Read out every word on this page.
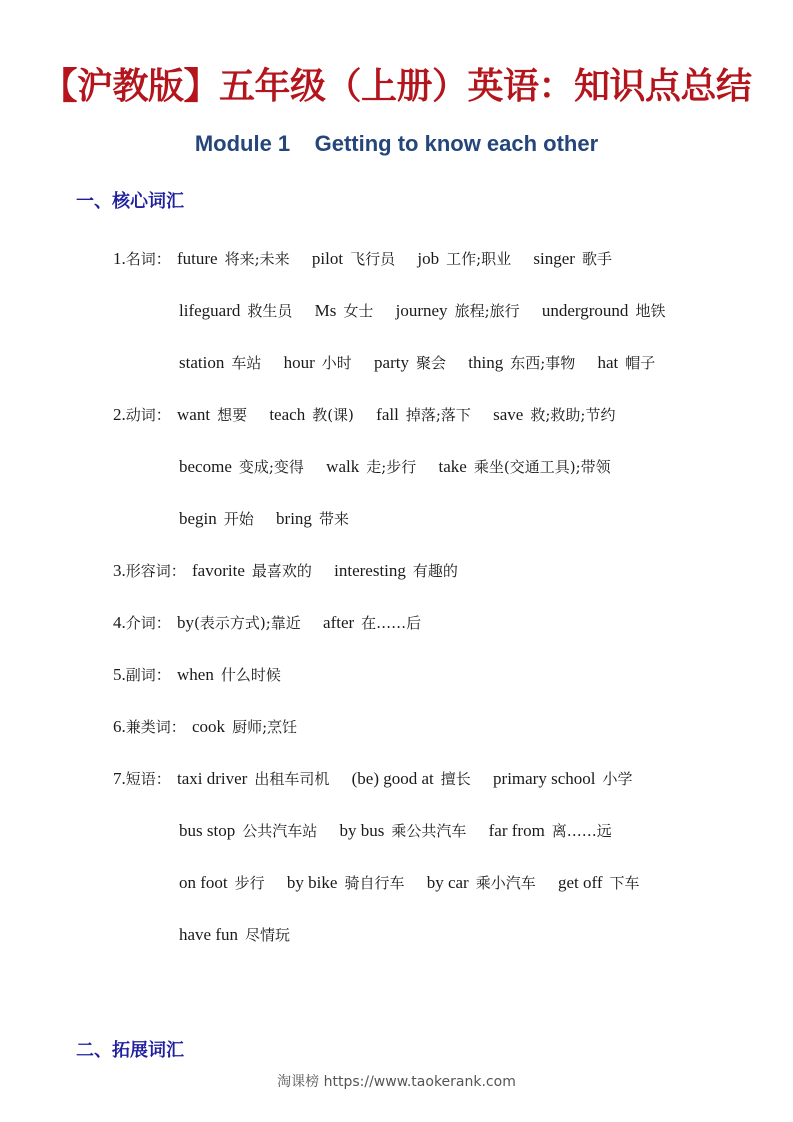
【沪教版】五年级（上册）英语：知识点总结
Module 1    Getting to know each other
一、核心词汇
1.名词： future 将来;未来 pilot 飞行员 job 工作;职业 singer 歌手
lifeguard 救生员 Ms 女士 journey 旅程;旅行 underground 地铁
station 车站 hour 小时 party 聚会 thing 东西;事物 hat 帽子
2.动词： want 想要 teach 教(课) fall 掉落;落下 save 救;救助;节约
become 变成;变得 walk 走;步行 take 乘坐(交通工具);带领
begin 开始 bring 带来
3.形容词： favorite 最喜欢的 interesting 有趣的
4.介词： by(表示方式);靠近 after 在……后
5.副词： when 什么时候
6.兼类词： cook 厨师;烹饪
7.短语： taxi driver 出租车司机 (be) good at 擅长 primary school 小学
bus stop 公共汽车站 by bus 乘公共汽车 far from 离……远
on foot 步行 by bike 骑自行车 by car 乘小汽车 get off 下车
have fun 尽情玩
二、拓展词汇
淘课榜 https://www.taokerank.com
